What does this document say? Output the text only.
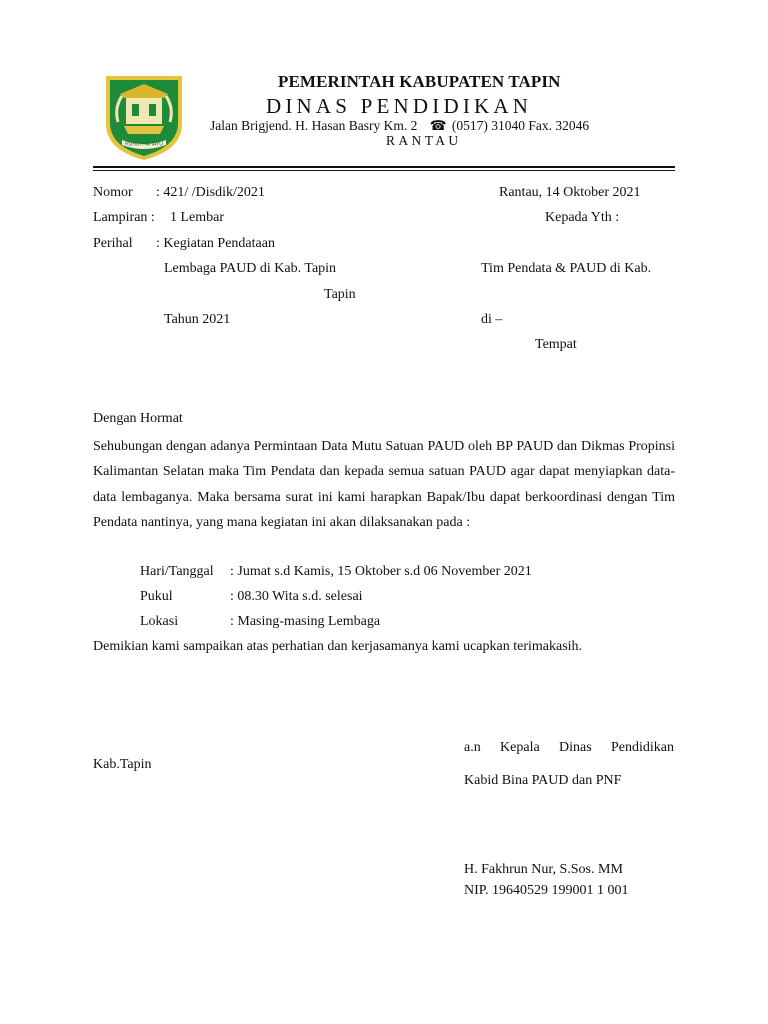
RUHUI RAHAYU
PEMERINTAH KABUPATEN TAPIN
DINAS PENDIDIKAN
Jalan Brigjend. H. Hasan Basry Km. 2 ☎ (0517) 31040 Fax. 32046
RANTAU
Nomor : 421/ /Disdik/2021	Rantau, 14 Oktober 2021
Lampiran : 1 Lembar	Kepada Yth :
Perihal : Kegiatan Pendataan
Lembaga PAUD di Kab. Tapin	Tim Pendata & PAUD di Kab.
Tapin
Tahun 2021	di –
Tempat
Dengan Hormat
Sehubungan dengan adanya Permintaan Data Mutu Satuan PAUD oleh BP PAUD dan Dikmas Propinsi Kalimantan Selatan maka Tim Pendata dan kepada semua satuan PAUD agar dapat menyiapkan data-data lembaganya. Maka bersama surat ini kami harapkan Bapak/Ibu dapat berkoordinasi dengan Tim Pendata nantinya, yang mana kegiatan ini akan dilaksanakan pada :
Hari/Tanggal : Jumat s.d Kamis, 15 Oktober s.d 06 November 2021
Pukul	: 08.30 Wita s.d. selesai
Lokasi	: Masing-masing Lembaga
Demikian kami sampaikan atas perhatian dan kerjasamanya kami ucapkan terimakasih.
a.n Kepala Dinas Pendidikan
Kab.Tapin
Kabid Bina PAUD dan PNF
H. Fakhrun Nur, S.Sos. MM
NIP. 19640529 199001 1 001
